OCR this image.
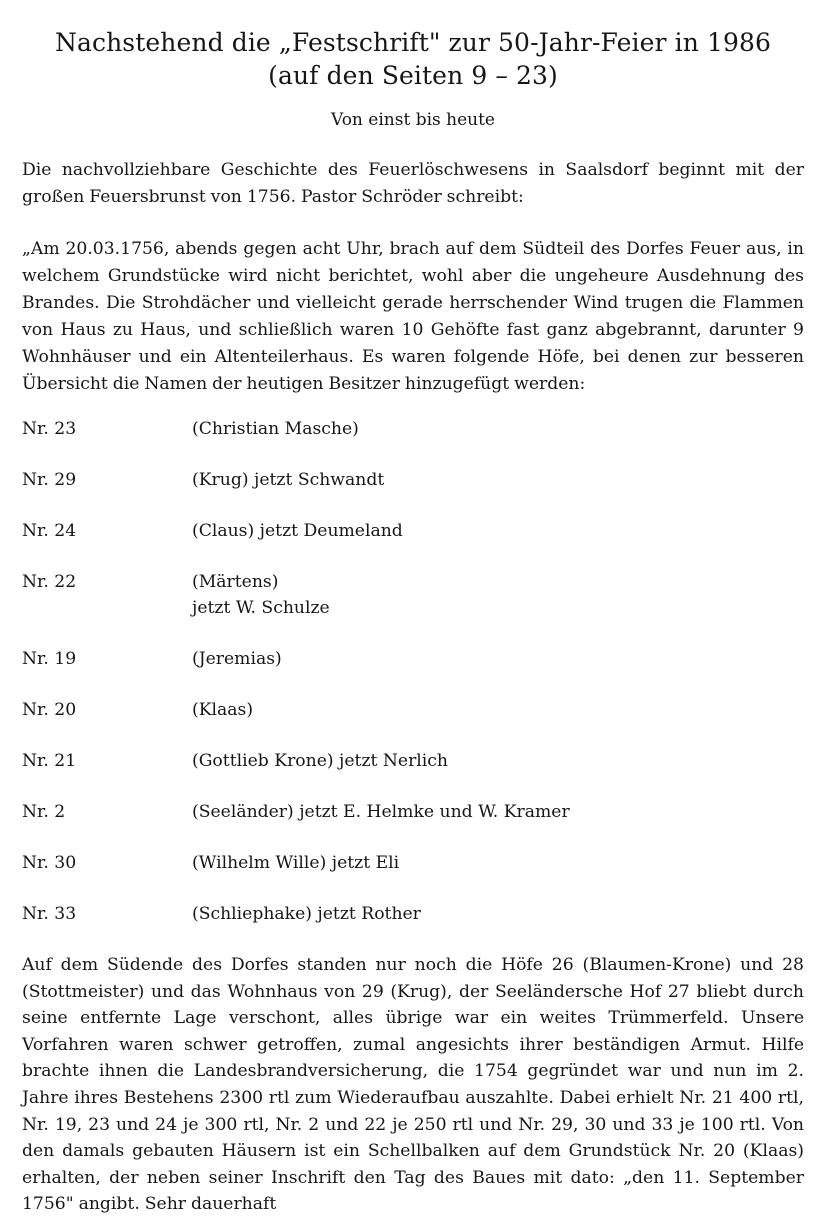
Nachstehend die „Festschrift" zur 50-Jahr-Feier in 1986
(auf den Seiten 9 – 23)

Von einst bis heute

Die nachvollziehbare Geschichte des Feuerlöschwesens in Saalsdorf beginnt mit der großen Feuersbrunst von 1756. Pastor Schröder schreibt:

„Am 20.03.1756, abends gegen acht Uhr, brach auf dem Südteil des Dorfes Feuer aus, in welchem Grundstücke wird nicht berichtet, wohl aber die ungeheure Ausdehnung des Brandes. Die Strohdächer und vielleicht gerade herrschender Wind trugen die Flammen von Haus zu Haus, und schließlich waren 10 Gehöfte fast ganz abgebrannt, darunter 9 Wohnhäuser und ein Altenteilerhaus. Es waren folgende Höfe, bei denen zur besseren Übersicht die Namen der heutigen Besitzer hinzugefügt werden:

Nr. 23	(Christian Masche)
Nr. 29	(Krug) jetzt Schwandt
Nr. 24	(Claus) jetzt Deumeland
Nr. 22	(Märtens)
jetzt W. Schulze
Nr. 19	(Jeremias)
Nr. 20	(Klaas)
Nr. 21	(Gottlieb Krone) jetzt Nerlich
Nr. 2	(Seeländer) jetzt E. Helmke und W. Kramer
Nr. 30	(Wilhelm Wille) jetzt Eli
Nr. 33	(Schliephake) jetzt Rother

Auf dem Südende des Dorfes standen nur noch die Höfe 26 (Blaumen-Krone) und 28 (Stottmeister) und das Wohnhaus von 29 (Krug), der Seeländersche Hof 27 bliebt durch seine entfernte Lage verschont, alles übrige war ein weites Trümmerfeld. Unsere Vorfahren waren schwer getroffen, zumal angesichts ihrer beständigen Armut. Hilfe brachte ihnen die Landesbrandversicherung, die 1754 gegründet war und nun im 2. Jahre ihres Bestehens 2300 rtl zum Wiederaufbau auszahlte. Dabei erhielt Nr. 21 400 rtl, Nr. 19, 23 und 24 je 300 rtl, Nr. 2 und 22 je 250 rtl und Nr. 29, 30 und 33 je 100 rtl. Von den damals gebauten Häusern ist ein Schellbalken auf dem Grundstück Nr. 20 (Klaas) erhalten, der neben seiner Inschrift den Tag des Baues mit dato: „den 11. September 1756" angibt. Sehr dauerhaft
